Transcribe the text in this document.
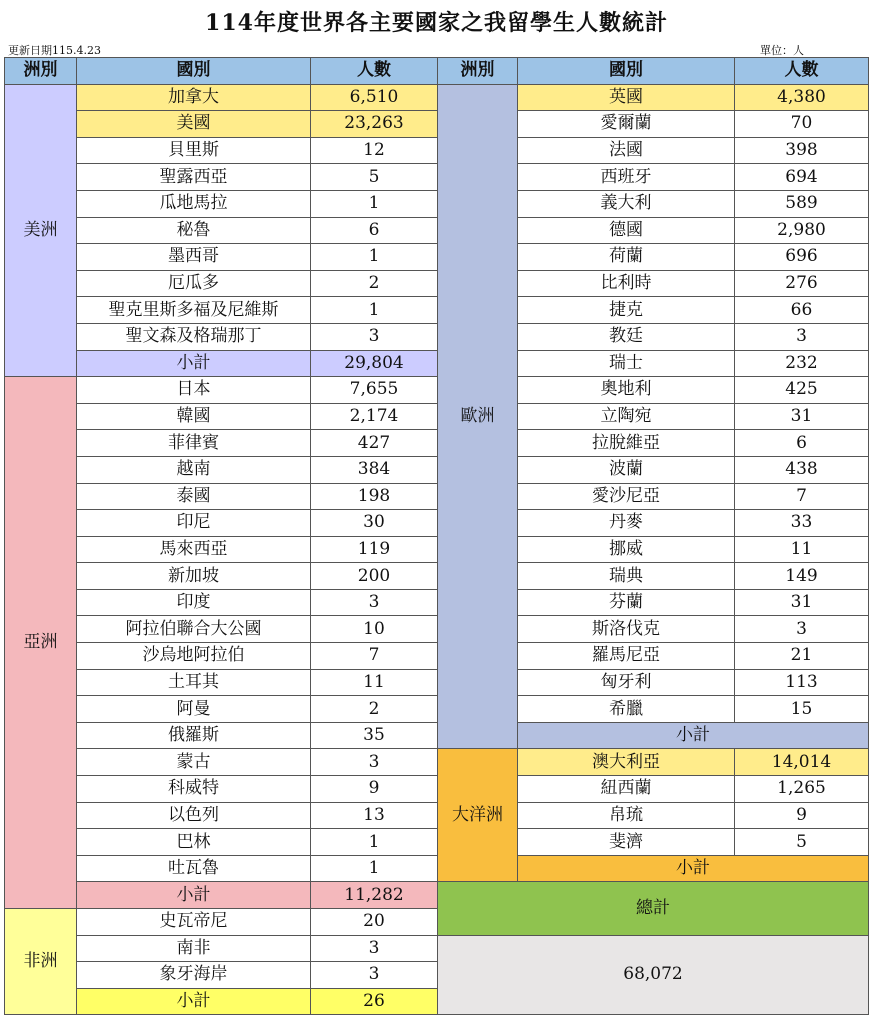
114年度世界各主要國家之我留學生人數統計
更新日期115.4.23	單位：人
洲別	國別	人數	洲別	國別	人數	
美洲	加拿大	6,510	歐洲	英國	4,380	
	美國	23,263		愛爾蘭	70	
	貝里斯	12		法國	398	
	聖露西亞	5		西班牙	694	
	瓜地馬拉	1		義大利	589	
	秘魯	6		德國	2,980	
	墨西哥	1		荷蘭	696	
	厄瓜多	2		比利時	276	
	聖克里斯多福及尼維斯	1		捷克	66	
	聖文森及格瑞那丁	3		教廷	3	
	小計	29,804		瑞士	232	
亞洲	日本	7,655		奧地利	425	
	韓國	2,174		立陶宛	31	
	菲律賓	427		拉脫維亞	6	
	越南	384		波蘭	438	
	泰國	198		愛沙尼亞	7	
	印尼	30		丹麥	33	
	馬來西亞	119		挪威	11	
	新加坡	200		瑞典	149	
	印度	3		芬蘭	31	
	阿拉伯聯合大公國	10		斯洛伐克	3	
	沙烏地阿拉伯	7		羅馬尼亞	21	
	土耳其	11		匈牙利	113	
	阿曼	2		希臘	15	
	俄羅斯	35		小計	
	蒙古	3	大洋洲	澳大利亞	14,014	
	科威特	9		紐西蘭	1,265	
	以色列	13		帛琉	9	
	巴林	1		斐濟	5	
	吐瓦魯	1		小計	
	小計	11,282	總計			
非洲	史瓦帝尼	20				
	南非	3	68,072			
	象牙海岸	3				
	小計	26				
